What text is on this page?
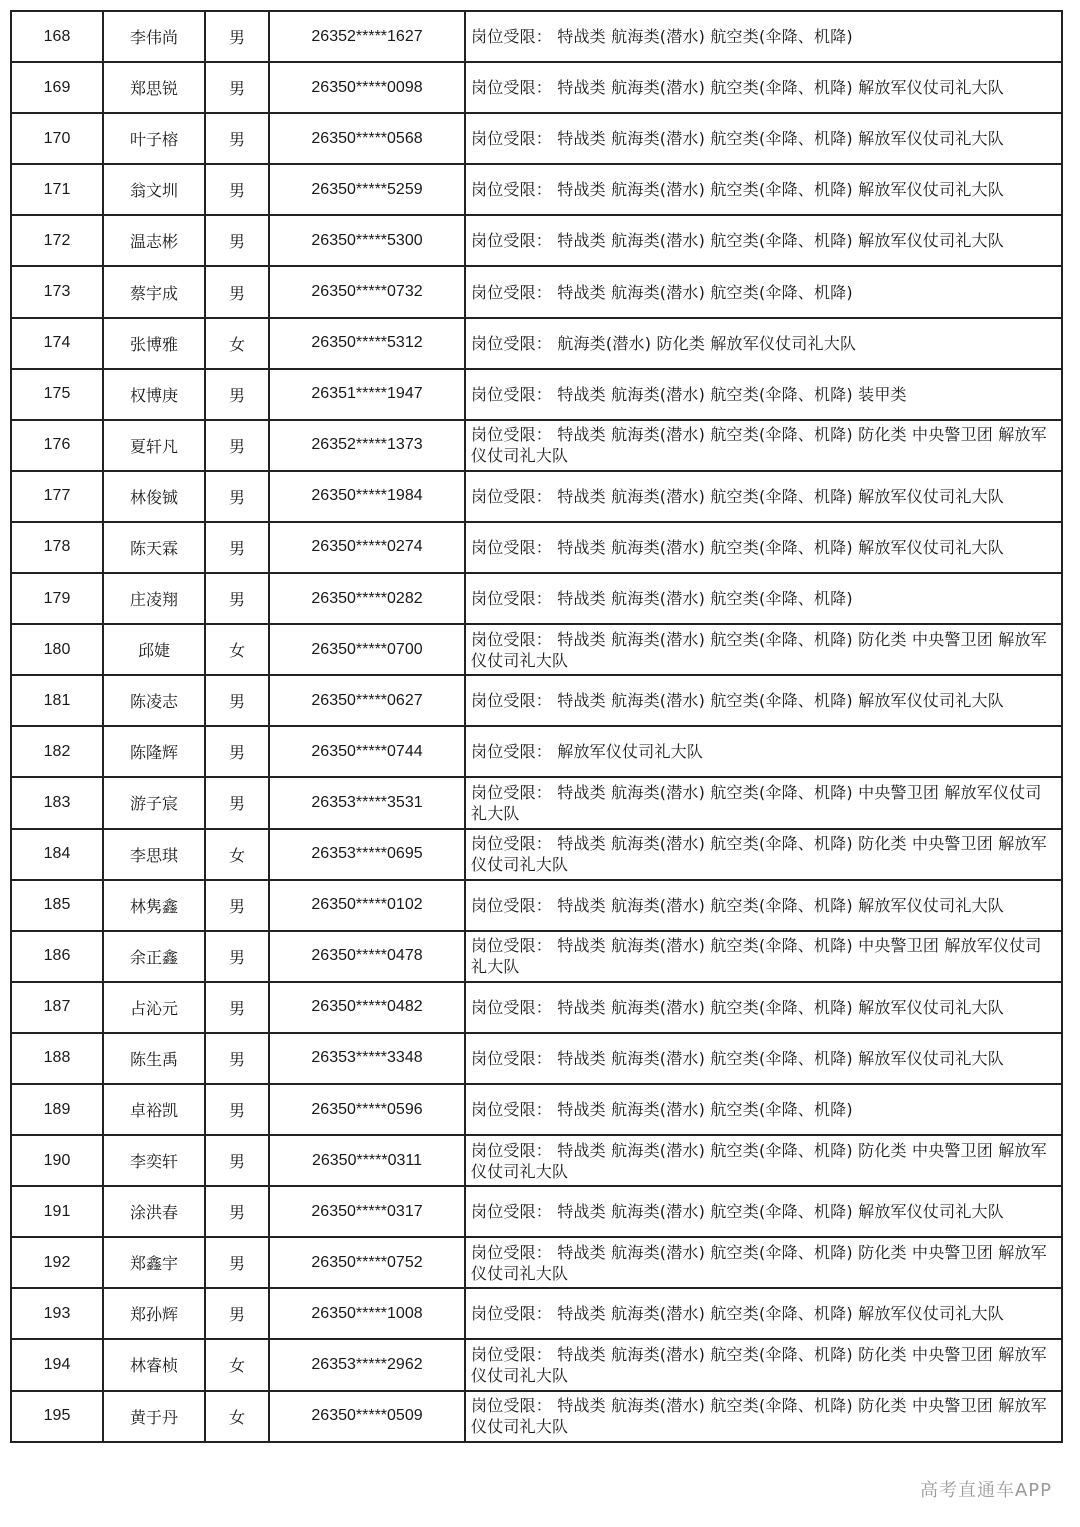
168	李伟尚	男	26352*****1627	岗位受限： 特战类 航海类(潜水) 航空类(伞降、机降)
169	郑思锐	男	26350*****0098	岗位受限： 特战类 航海类(潜水) 航空类(伞降、机降) 解放军仪仗司礼大队
170	叶子榕	男	26350*****0568	岗位受限： 特战类 航海类(潜水) 航空类(伞降、机降) 解放军仪仗司礼大队
171	翁文圳	男	26350*****5259	岗位受限： 特战类 航海类(潜水) 航空类(伞降、机降) 解放军仪仗司礼大队
172	温志彬	男	26350*****5300	岗位受限： 特战类 航海类(潜水) 航空类(伞降、机降) 解放军仪仗司礼大队
173	蔡宇成	男	26350*****0732	岗位受限： 特战类 航海类(潜水) 航空类(伞降、机降)
174	张博雅	女	26350*****5312	岗位受限： 航海类(潜水) 防化类 解放军仪仗司礼大队
175	权博庚	男	26351*****1947	岗位受限： 特战类 航海类(潜水) 航空类(伞降、机降) 装甲类
176	夏轩凡	男	26352*****1373	岗位受限： 特战类 航海类(潜水) 航空类(伞降、机降) 防化类 中央警卫团 解放军仪仗司礼大队
177	林俊铖	男	26350*****1984	岗位受限： 特战类 航海类(潜水) 航空类(伞降、机降) 解放军仪仗司礼大队
178	陈天霖	男	26350*****0274	岗位受限： 特战类 航海类(潜水) 航空类(伞降、机降) 解放军仪仗司礼大队
179	庄凌翔	男	26350*****0282	岗位受限： 特战类 航海类(潜水) 航空类(伞降、机降)
180	邱婕	女	26350*****0700	岗位受限： 特战类 航海类(潜水) 航空类(伞降、机降) 防化类 中央警卫团 解放军仪仗司礼大队
181	陈凌志	男	26350*****0627	岗位受限： 特战类 航海类(潜水) 航空类(伞降、机降) 解放军仪仗司礼大队
182	陈隆辉	男	26350*****0744	岗位受限： 解放军仪仗司礼大队
183	游子宸	男	26353*****3531	岗位受限： 特战类 航海类(潜水) 航空类(伞降、机降) 中央警卫团 解放军仪仗司礼大队
184	李思琪	女	26353*****0695	岗位受限： 特战类 航海类(潜水) 航空类(伞降、机降) 防化类 中央警卫团 解放军仪仗司礼大队
185	林隽鑫	男	26350*****0102	岗位受限： 特战类 航海类(潜水) 航空类(伞降、机降) 解放军仪仗司礼大队
186	余正鑫	男	26350*****0478	岗位受限： 特战类 航海类(潜水) 航空类(伞降、机降) 中央警卫团 解放军仪仗司礼大队
187	占沁元	男	26350*****0482	岗位受限： 特战类 航海类(潜水) 航空类(伞降、机降) 解放军仪仗司礼大队
188	陈生禹	男	26353*****3348	岗位受限： 特战类 航海类(潜水) 航空类(伞降、机降) 解放军仪仗司礼大队
189	卓裕凯	男	26350*****0596	岗位受限： 特战类 航海类(潜水) 航空类(伞降、机降)
190	李奕轩	男	26350*****0311	岗位受限： 特战类 航海类(潜水) 航空类(伞降、机降) 防化类 中央警卫团 解放军仪仗司礼大队
191	涂洪春	男	26350*****0317	岗位受限： 特战类 航海类(潜水) 航空类(伞降、机降) 解放军仪仗司礼大队
192	郑鑫宇	男	26350*****0752	岗位受限： 特战类 航海类(潜水) 航空类(伞降、机降) 防化类 中央警卫团 解放军仪仗司礼大队
193	郑孙辉	男	26350*****1008	岗位受限： 特战类 航海类(潜水) 航空类(伞降、机降) 解放军仪仗司礼大队
194	林睿桢	女	26353*****2962	岗位受限： 特战类 航海类(潜水) 航空类(伞降、机降) 防化类 中央警卫团 解放军仪仗司礼大队
195	黄于丹	女	26350*****0509	岗位受限： 特战类 航海类(潜水) 航空类(伞降、机降) 防化类 中央警卫团 解放军仪仗司礼大队
高考直通车APP
